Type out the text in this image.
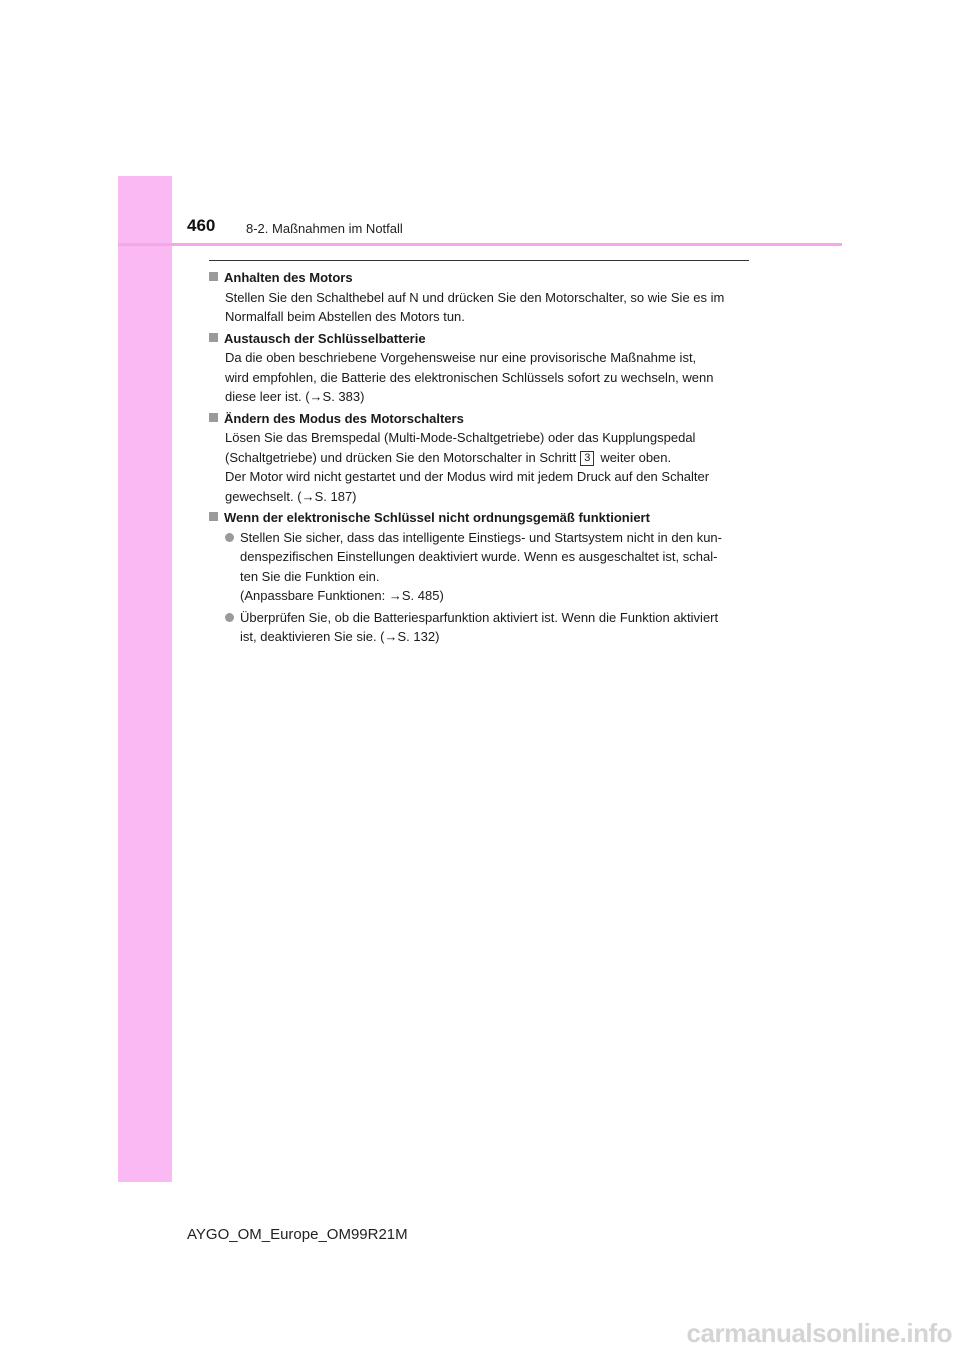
460 8-2. Maßnahmen im Notfall
Anhalten des Motors
Stellen Sie den Schalthebel auf N und drücken Sie den Motorschalter, so wie Sie es im
Normalfall beim Abstellen des Motors tun.
Austausch der Schlüsselbatterie
Da die oben beschriebene Vorgehensweise nur eine provisorische Maßnahme ist,
wird empfohlen, die Batterie des elektronischen Schlüssels sofort zu wechseln, wenn
diese leer ist. (→S. 383)
Ändern des Modus des Motorschalters
Lösen Sie das Bremspedal (Multi-Mode-Schaltgetriebe) oder das Kupplungspedal
(Schaltgetriebe) und drücken Sie den Motorschalter in Schritt 3 weiter oben.
Der Motor wird nicht gestartet und der Modus wird mit jedem Druck auf den Schalter
gewechselt. (→S. 187)
Wenn der elektronische Schlüssel nicht ordnungsgemäß funktioniert
Stellen Sie sicher, dass das intelligente Einstiegs- und Startsystem nicht in den kun-
denspezifischen Einstellungen deaktiviert wurde. Wenn es ausgeschaltet ist, schal-
ten Sie die Funktion ein.
(Anpassbare Funktionen: →S. 485)
Überprüfen Sie, ob die Batteriesparfunktion aktiviert ist. Wenn die Funktion aktiviert
ist, deaktivieren Sie sie. (→S. 132)
AYGO_OM_Europe_OM99R21M
carmanualsonline.info
